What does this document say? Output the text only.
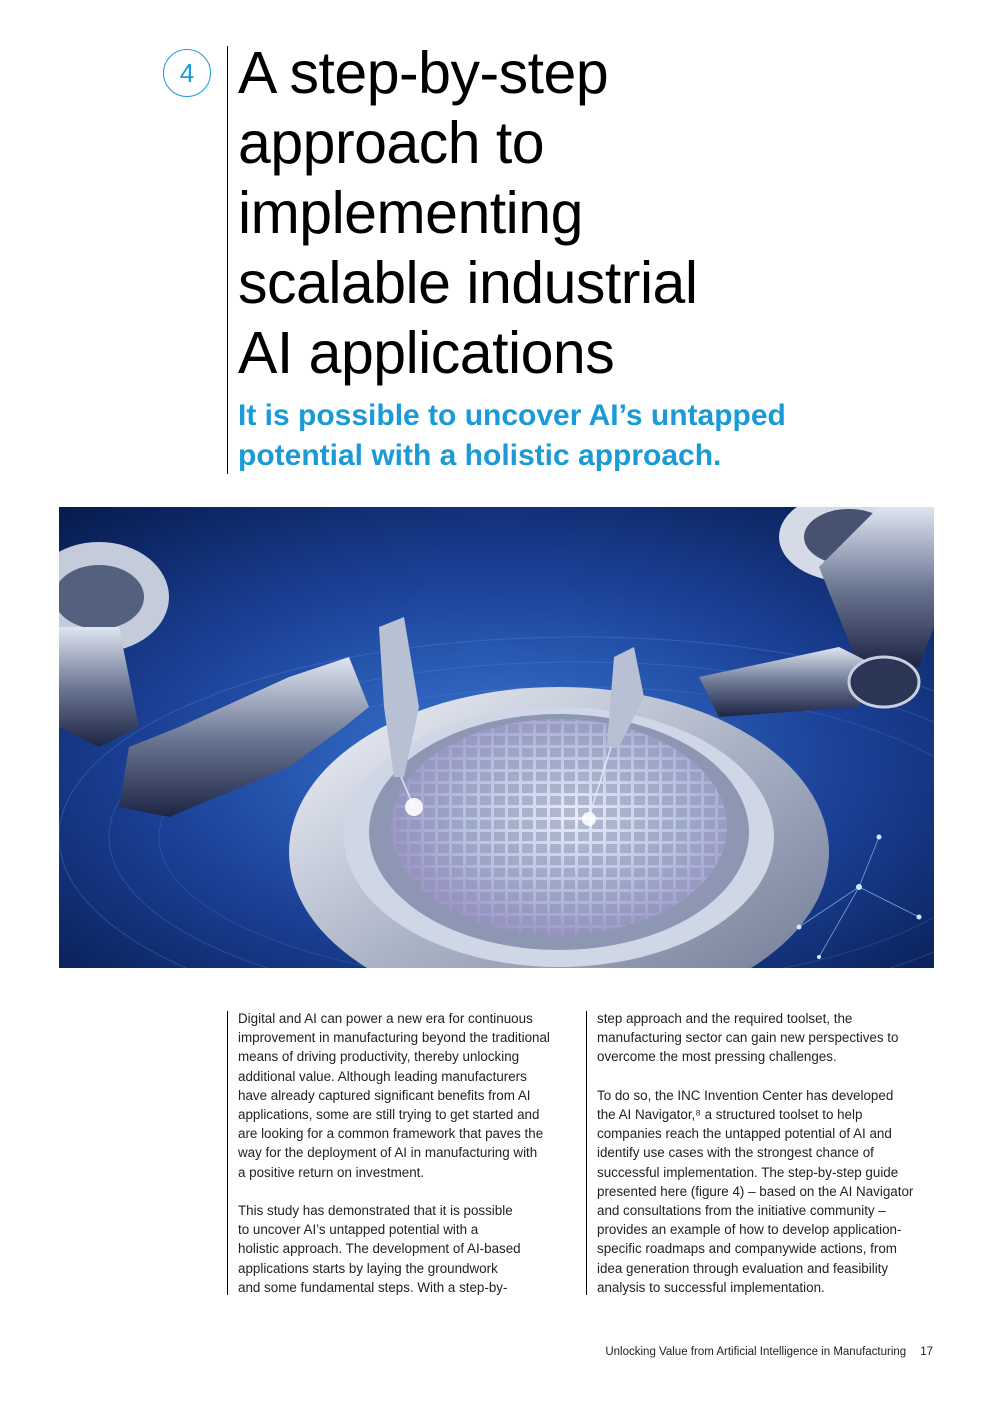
4 A step-by-step
approach to
implementing
scalable industrial
AI applications
It is possible to uncover AI’s untapped
potential with a holistic approach.

Digital and AI can power a new era for continuous
improvement in manufacturing beyond the traditional
means of driving productivity, thereby unlocking
additional value. Although leading manufacturers
have already captured significant benefits from AI
applications, some are still trying to get started and
are looking for a common framework that paves the
way for the deployment of AI in manufacturing with
a positive return on investment.

This study has demonstrated that it is possible
to uncover AI’s untapped potential with a
holistic approach. The development of AI-based
applications starts by laying the groundwork
and some fundamental steps. With a step-by-

step approach and the required toolset, the
manufacturing sector can gain new perspectives to
overcome the most pressing challenges.

To do so, the INC Invention Center has developed
the AI Navigator,⁸ a structured toolset to help
companies reach the untapped potential of AI and
identify use cases with the strongest chance of
successful implementation. The step-by-step guide
presented here (figure 4) – based on the AI Navigator
and consultations from the initiative community –
provides an example of how to develop application-
specific roadmaps and companywide actions, from
idea generation through evaluation and feasibility
analysis to successful implementation.

Unlocking Value from Artificial Intelligence in Manufacturing 17
